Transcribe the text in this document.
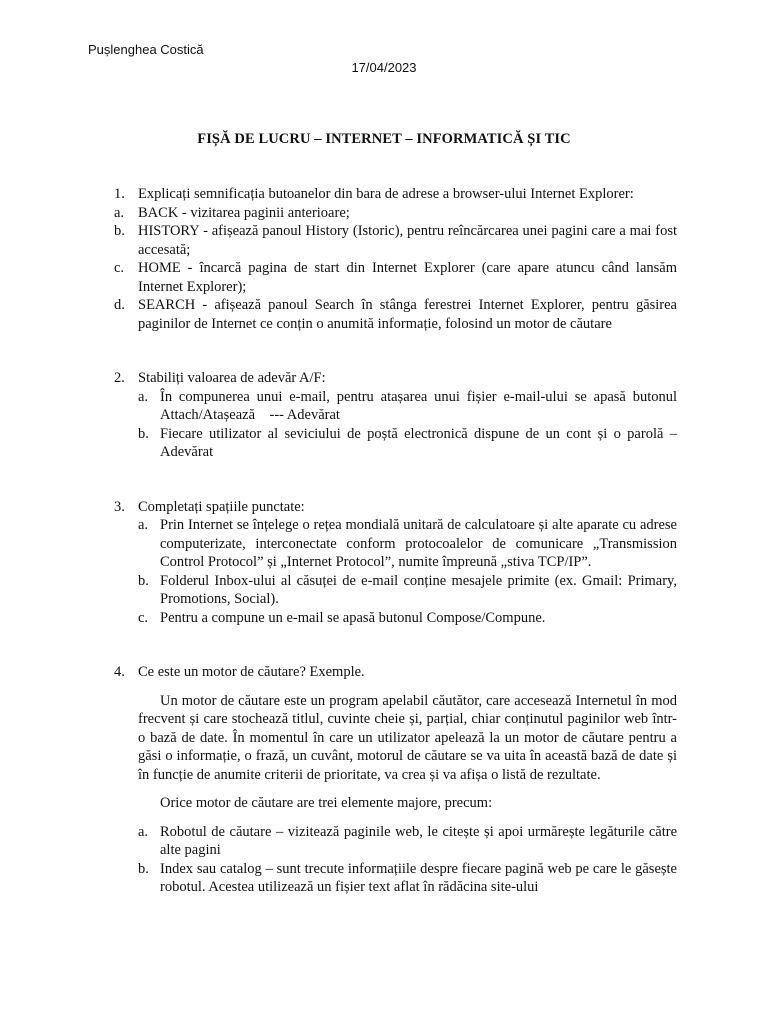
Pușlenghea Costică
17/04/2023
FIȘĂ DE LUCRU – INTERNET – INFORMATICĂ ȘI TIC
1. Explicați semnificația butoanelor din bara de adrese a browser-ului Internet Explorer:
a. BACK - vizitarea paginii anterioare;
b. HISTORY - afișează panoul History (Istoric), pentru reîncărcarea unei pagini care a mai fost accesată;
c. HOME - încarcă pagina de start din Internet Explorer (care apare atuncu când lansăm Internet Explorer);
d. SEARCH - afișează panoul Search în stânga ferestrei Internet Explorer, pentru găsirea paginilor de Internet ce conțin o anumită informație, folosind un motor de căutare
2. Stabiliți valoarea de adevăr A/F:
a. În compunerea unui e-mail, pentru atașarea unui fișier e-mail-ului se apasă butonul Attach/Atașează    --- Adevărat
b. Fiecare utilizator al seviciului de poștă electronică dispune de un cont și o parolă – Adevărat
3. Completați spațiile punctate:
a. Prin Internet se înțelege o rețea mondială unitară de calculatoare și alte aparate cu adrese computerizate, interconectate conform protocoalelor de comunicare „Transmission Control Protocol” și „Internet Protocol”, numite împreună „stiva TCP/IP”.
b. Folderul Inbox-ului al căsuței de e-mail conține mesajele primite (ex. Gmail: Primary, Promotions, Social).
c. Pentru a compune un e-mail se apasă butonul Compose/Compune.
4. Ce este un motor de căutare? Exemple.
Un motor de căutare este un program apelabil căutător, care accesează Internetul în mod frecvent și care stochează titlul, cuvinte cheie și, parțial, chiar conținutul paginilor web într-o bază de date. În momentul în care un utilizator apelează la un motor de căutare pentru a găsi o informație, o frază, un cuvânt, motorul de căutare se va uita în această bază de date și în funcție de anumite criterii de prioritate, va crea și va afișa o listă de rezultate.
Orice motor de căutare are trei elemente majore, precum:
a. Robotul de căutare – vizitează paginile web, le citește și apoi urmărește legăturile către alte pagini
b. Index sau catalog – sunt trecute informațiile despre fiecare pagină web pe care le găsește robotul. Acestea utilizează un fișier text aflat în rădăcina site-ului
